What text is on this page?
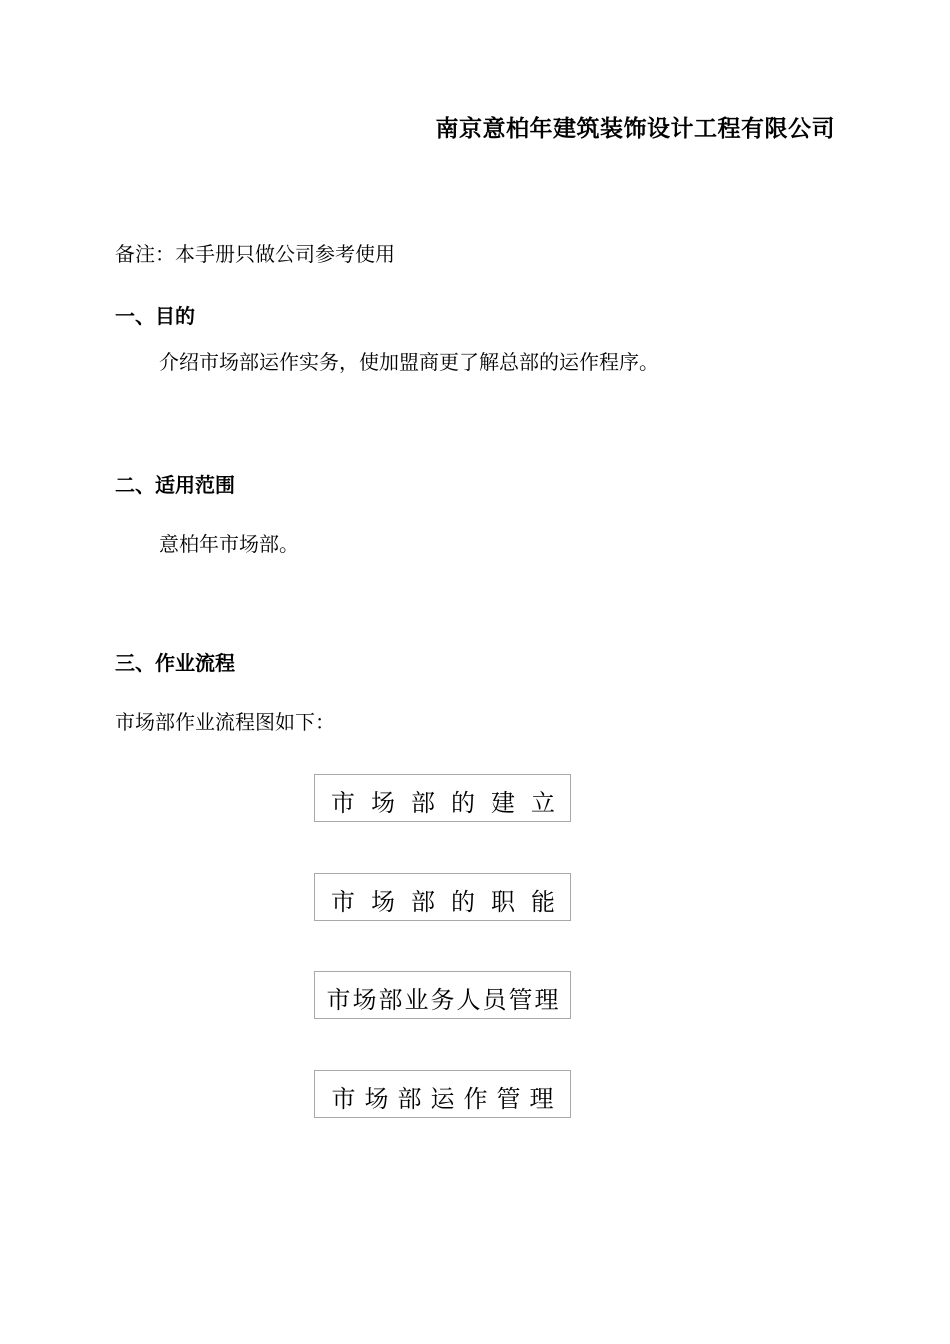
南京意柏年建筑装饰设计工程有限公司
备注：本手册只做公司参考使用
一、目的
介绍市场部运作实务，使加盟商更了解总部的运作程序。
二、适用范围
意柏年市场部。
三、作业流程
市场部作业流程图如下：
市场部的建立
市场部的职能
市场部业务人员管理
市场部运作管理
